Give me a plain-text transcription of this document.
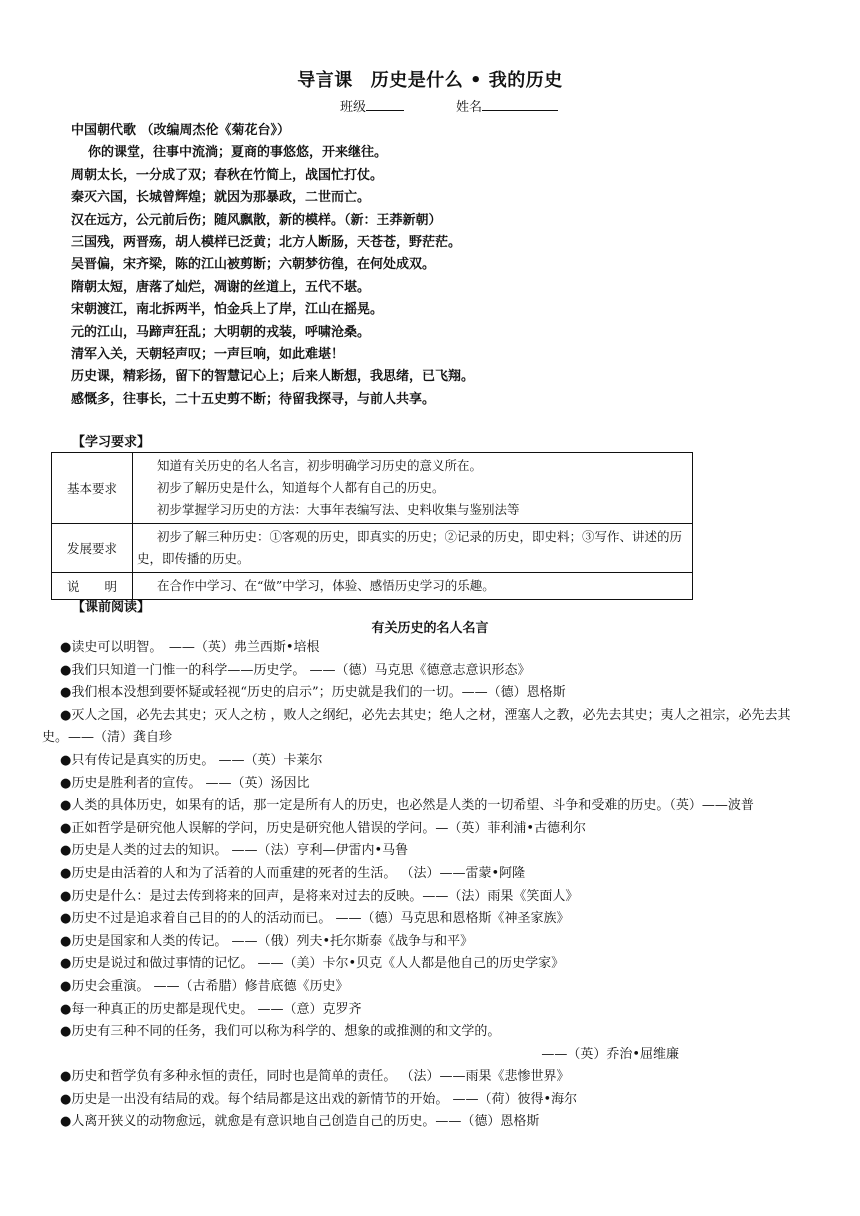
导言课 历史是什么 • 我的历史
班级	姓名
中国朝代歌 （改编周杰伦《菊花台》）
你的课堂，往事中流淌；夏商的事悠悠，开来继往。
周朝太长，一分成了双；春秋在竹简上，战国忙打仗。
秦灭六国，长城曾辉煌；就因为那暴政，二世而亡。
汉在远方，公元前后伤；随风飘散，新的模样。（新：王莽新朝）
三国残，两晋殇，胡人模样已泛黄；北方人断肠，天苍苍，野茫茫。
吴晋偏，宋齐梁，陈的江山被剪断；六朝梦彷徨，在何处成双。
隋朝太短，唐落了灿烂，凋谢的丝道上，五代不堪。
宋朝渡江，南北拆两半，怕金兵上了岸，江山在摇晃。
元的江山，马蹄声狂乱；大明朝的戎装，呼啸沧桑。
清军入关，天朝轻声叹；一声巨响，如此难堪！
历史课，精彩扬，留下的智慧记心上；后来人断想，我思绪，已飞翔。
感慨多，往事长，二十五史剪不断；待留我探寻，与前人共享。
【学习要求】
基本要求	知道有关历史的名人名言，初步明确学习历史的意义所在。
初步了解历史是什么，知道每个人都有自己的历史。
初步掌握学习历史的方法：大事年表编写法、史料收集与鉴别法等

发展要求	初步了解三种历史：①客观的历史，即真实的历史；②记录的历史，即史料；③写作、讲述的历史，即传播的历史。

说　　明	在合作中学习、在“做”中学习，体验、感悟历史学习的乐趣。
【课前阅读】
有关历史的名人名言

●读史可以明智。　——（英）弗兰西斯•培根

●我们只知道一门惟一的科学——历史学。 ——（德）马克思《德意志意识形态》

●我们根本没想到要怀疑或轻视“历史的启示”；历史就是我们的一切。——（德）恩格斯

●灭人之国，必先去其史；灭人之枋 ，败人之纲纪，必先去其史；绝人之材，湮塞人之教，必先去其史；夷人之祖宗，必先去其史。——（清）龚自珍

●只有传记是真实的历史。 ——（英）卡莱尔

●历史是胜利者的宣传。 ——（英）汤因比

●人类的具体历史，如果有的话，那一定是所有人的历史，也必然是人类的一切希望、斗争和受难的历史。（英）——波普

●正如哲学是研究他人误解的学问，历史是研究他人错误的学问。—（英）菲利浦•古德利尔

●历史是人类的过去的知识。 ——（法）亨利—伊雷内•马鲁

●历史是由活着的人和为了活着的人而重建的死者的生活。 （法）——雷蒙•阿隆

●历史是什么：是过去传到将来的回声，是将来对过去的反映。——（法）雨果《笑面人》

●历史不过是追求着自己目的的人的活动而已。 ——（德）马克思和恩格斯《神圣家族》

●历史是国家和人类的传记。 ——（俄）列夫•托尔斯泰《战争与和平》

●历史是说过和做过事情的记忆。 ——（美）卡尔•贝克《人人都是他自己的历史学家》

●历史会重演。 ——（古希腊）修昔底德《历史》

●每一种真正的历史都是现代史。 ——（意）克罗齐

●历史有三种不同的任务，我们可以称为科学的、想象的或推测的和文学的。
——（英）乔治•屈维廉

●历史和哲学负有多种永恒的责任，同时也是简单的责任。 （法）——雨果《悲惨世界》

●历史是一出没有结局的戏。每个结局都是这出戏的新情节的开始。 ——（荷）彼得•海尔

●人离开狭义的动物愈远，就愈是有意识地自己创造自己的历史。——（德）恩格斯
